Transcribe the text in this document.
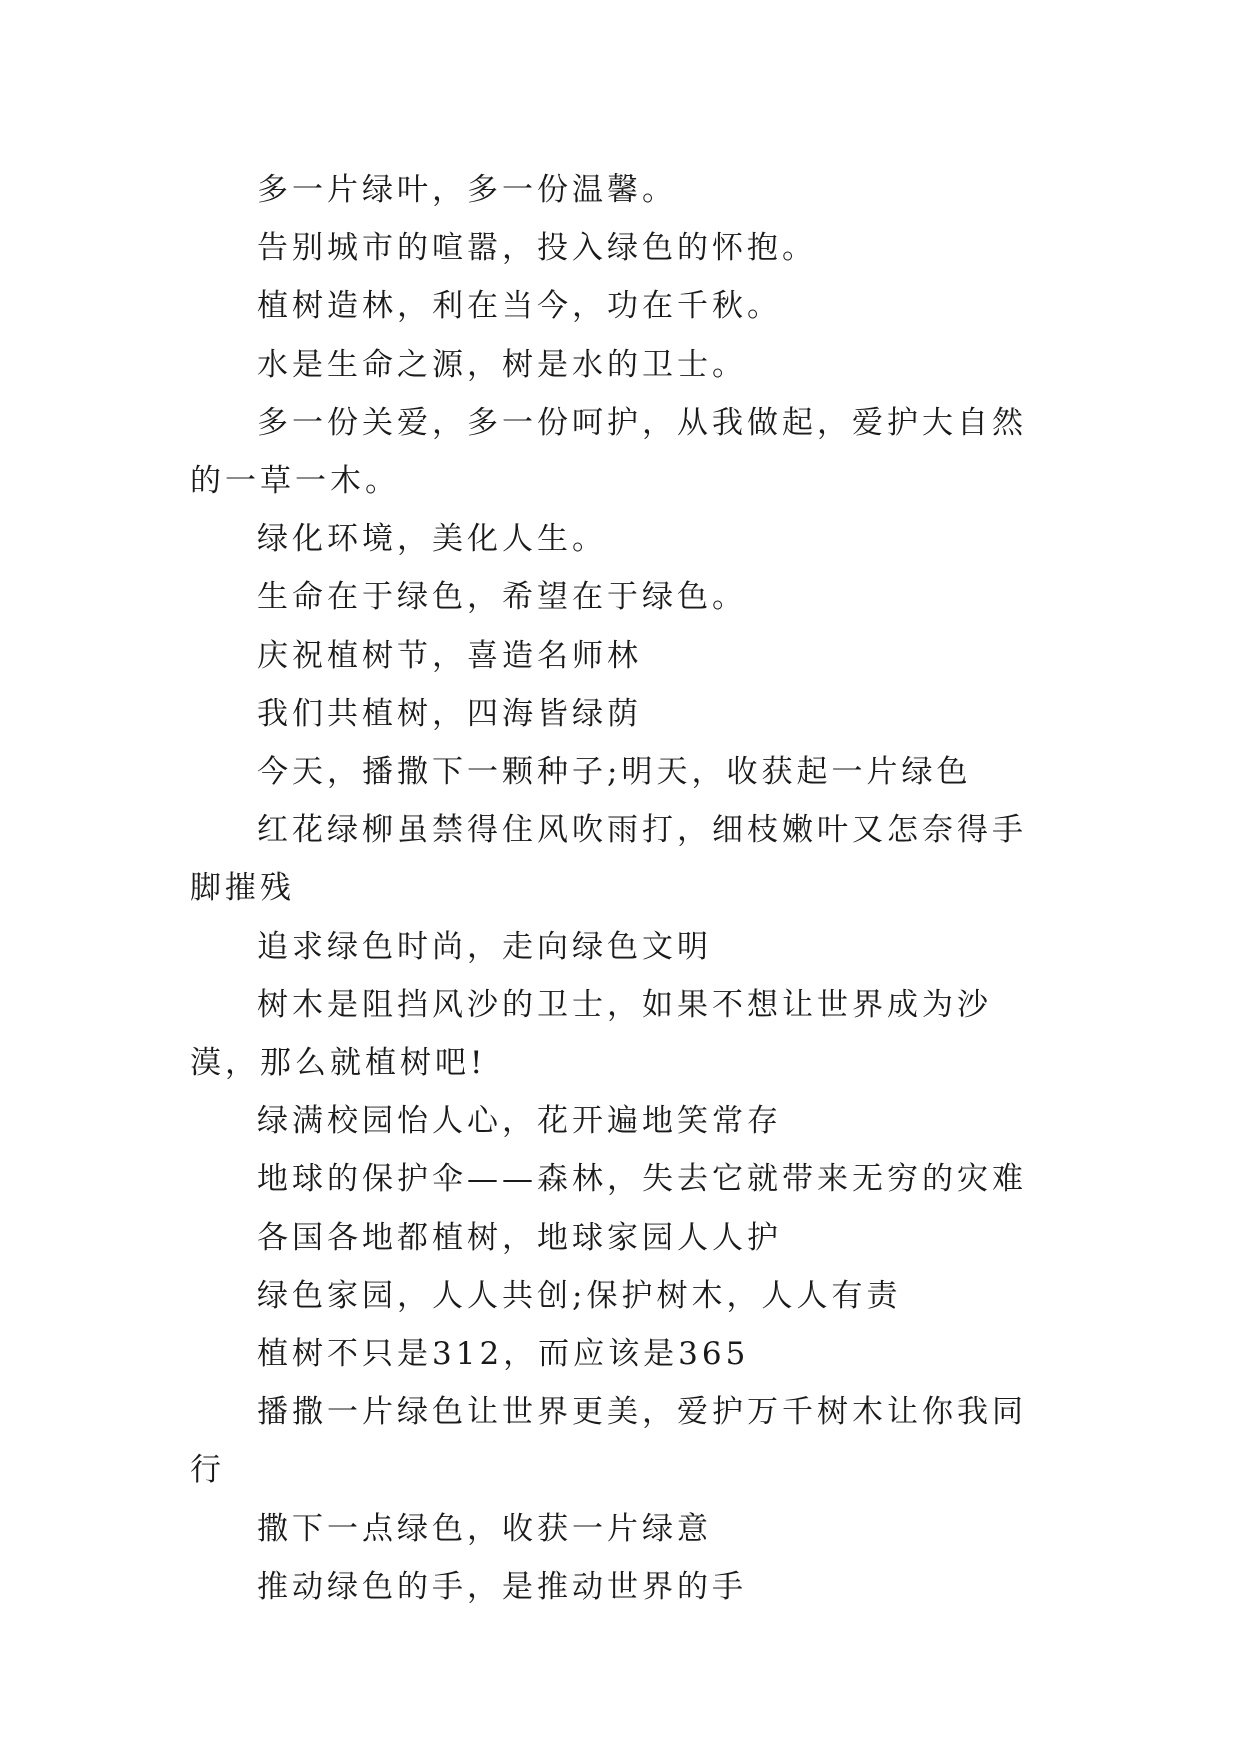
多一片绿叶，多一份温馨。

告别城市的喧嚣，投入绿色的怀抱。

植树造林，利在当今，功在千秋。

水是生命之源，树是水的卫士。

多一份关爱，多一份呵护，从我做起，爱护大自然的一草一木。

绿化环境，美化人生。

生命在于绿色，希望在于绿色。

庆祝植树节，喜造名师林

我们共植树，四海皆绿荫

今天，播撒下一颗种子;明天，收获起一片绿色

红花绿柳虽禁得住风吹雨打，细枝嫩叶又怎奈得手脚摧残

追求绿色时尚，走向绿色文明

树木是阻挡风沙的卫士，如果不想让世界成为沙漠，那么就植树吧!

绿满校园怡人心，花开遍地笑常存

地球的保护伞——森林，失去它就带来无穷的灾难

各国各地都植树，地球家园人人护

绿色家园，人人共创;保护树木，人人有责

植树不只是312，而应该是365

播撒一片绿色让世界更美，爱护万千树木让你我同行

撒下一点绿色，收获一片绿意

推动绿色的手，是推动世界的手
